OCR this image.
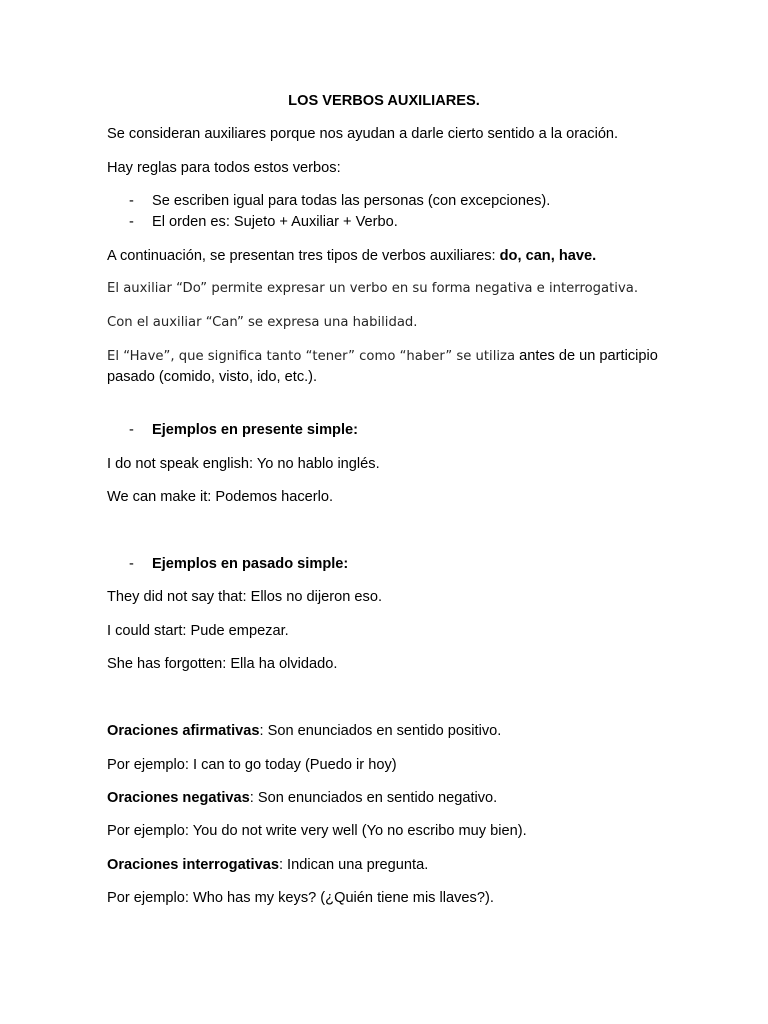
LOS VERBOS AUXILIARES.
Se consideran auxiliares porque nos ayudan a darle cierto sentido a la oración.
Hay reglas para todos estos verbos:
- Se escriben igual para todas las personas (con excepciones).
- El orden es: Sujeto + Auxiliar + Verbo.
A continuación, se presentan tres tipos de verbos auxiliares: do, can, have.
El auxiliar “Do” permite expresar un verbo en su forma negativa e interrogativa.
Con el auxiliar “Can” se expresa una habilidad.
El “Have”, que significa tanto “tener” como “haber” se utiliza antes de un participio
pasado (comido, visto, ido, etc.).
- Ejemplos en presente simple:
I do not speak english: Yo no hablo inglés.
We can make it: Podemos hacerlo.
- Ejemplos en pasado simple:
They did not say that: Ellos no dijeron eso.
I could start: Pude empezar.
She has forgotten: Ella ha olvidado.
Oraciones afirmativas: Son enunciados en sentido positivo.
Por ejemplo: I can to go today (Puedo ir hoy)
Oraciones negativas: Son enunciados en sentido negativo.
Por ejemplo: You do not write very well (Yo no escribo muy bien).
Oraciones interrogativas: Indican una pregunta.
Por ejemplo: Who has my keys? (¿Quién tiene mis llaves?).
